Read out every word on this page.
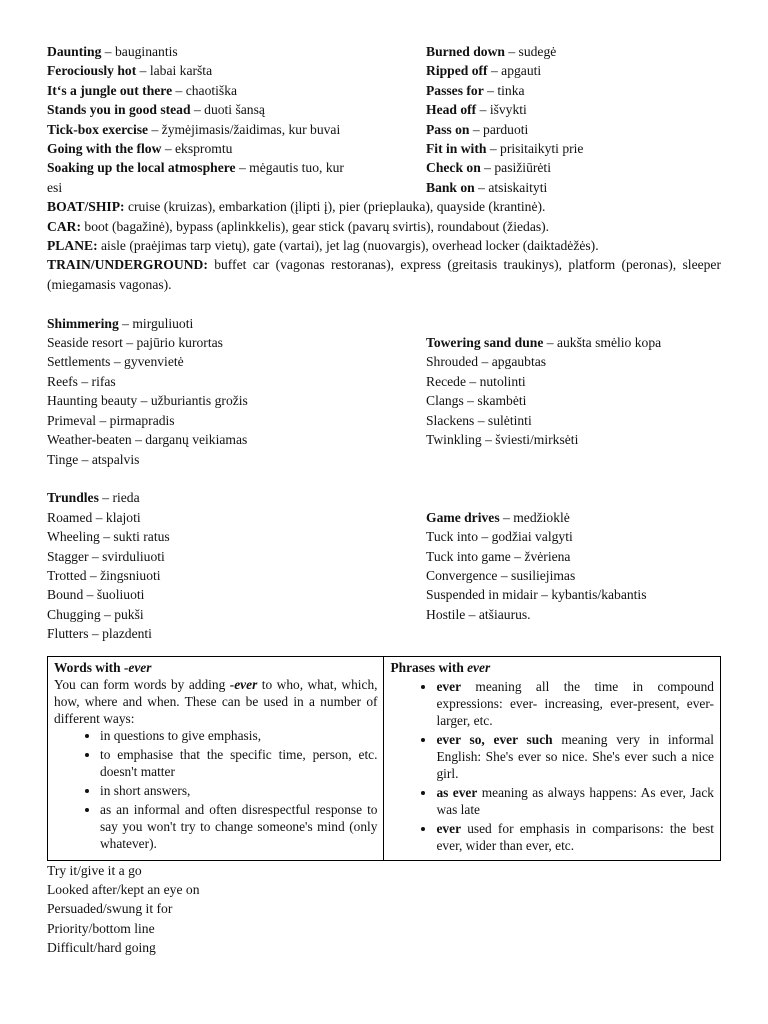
Daunting – bauginantis

Ferociously hot – labai karšta

It‘s a jungle out there – chaotiška

Stands you in good stead – duoti šansą

Tick-box exercise – žymėjimasis/žaidimas, kur buvai

Going with the flow – ekspromtu

Soaking up the local atmosphere – mėgautis tuo, kur esi

Burned down – sudegė

Ripped off – apgauti

Passes for – tinka

Head off – išvykti

Pass on – parduoti

Fit in with – prisitaikyti prie

Check on – pasižiūrėti

Bank on – atsiskaityti

BOAT/SHIP: cruise (kruizas), embarkation (įlipti į), pier (prieplauka), quayside (krantinė).

CAR: boot (bagažinė), bypass (aplinkkelis), gear stick (pavarų svirtis), roundabout (žiedas).

PLANE: aisle (praėjimas tarp vietų), gate (vartai), jet lag (nuovargis), overhead locker (daiktadėžės).

TRAIN/UNDERGROUND: buffet car (vagonas restoranas), express (greitasis traukinys), platform (peronas), sleeper (miegamasis vagonas).

Shimmering – mirguliuoti

Seaside resort – pajūrio kurortas

Settlements – gyvenvietė

Reefs – rifas

Haunting beauty – užburiantis grožis

Primeval – pirmapradis

Weather-beaten – darganų veikiamas

Tinge – atspalvis

Towering sand dune – aukšta smėlio kopa

Shrouded – apgaubtas

Recede – nutolinti

Clangs – skambėti

Slackens – sulėtinti

Twinkling – šviesti/mirksėti

Trundles – rieda

Roamed – klajoti

Wheeling – sukti ratus

Stagger – svirduliuoti

Trotted – žingsniuoti

Bound – šuoliuoti

Chugging – pukši

Flutters – plazdenti

Game drives – medžioklė

Tuck into – godžiai valgyti

Tuck into game – žvėriena

Convergence – susiliejimas

Suspended in midair – kybantis/kabantis

Hostile – atšiaurus.

Words with -ever

You can form words by adding -ever to who, what, which, how, where and when. These can be used in a number of different ways:

• in questions to give emphasis,
• to emphasise that the specific time, person, etc. doesn't matter
• in short answers,
• as an informal and often disrespectful response to say you won't try to change someone's mind (only whatever).

Phrases with ever

• ever meaning all the time in compound expressions: ever- increasing, ever-present, ever-larger, etc.
• ever so, ever such meaning very in informal English: She's ever so nice. She's ever such a nice girl.
• as ever meaning as always happens: As ever, Jack was late
• ever used for emphasis in comparisons: the best ever, wider than ever, etc.

Try it/give it a go

Looked after/kept an eye on

Persuaded/swung it for

Priority/bottom line

Difficult/hard going
